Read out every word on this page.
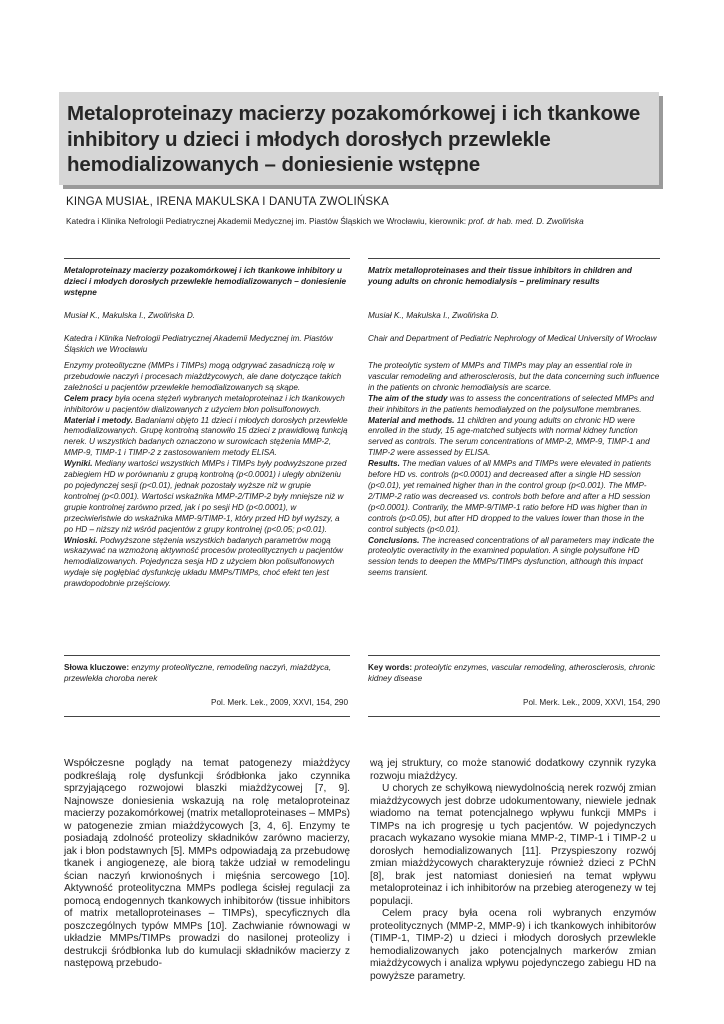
Metaloproteinazy macierzy pozakomórkowej i ich tkankowe inhibitory u dzieci i młodych dorosłych przewlekle hemodializowanych – doniesienie wstępne
KINGA MUSIAŁ, IRENA MAKULSKA I DANUTA ZWOLIŃSKA
Katedra i Klinika Nefrologii Pediatrycznej Akademii Medycznej im. Piastów Śląskich we Wrocławiu, kierownik: prof. dr hab. med. D. Zwolińska
Metaloproteinazy macierzy pozakomórkowej i ich tkankowe inhibitory u dzieci i młodych dorosłych przewlekle hemodializowanych – doniesienie wstępne
Musiał K., Makulska I., Zwolińska D.
Katedra i Klinika Nefrologii Pediatrycznej Akademii Medycznej im. Piastów Śląskich we Wrocławiu
Enzymy proteolityczne (MMPs i TIMPs) mogą odgrywać zasadniczą rolę w przebudowie naczyń i procesach miażdżycowych, ale dane dotyczące takich zależności u pacjentów przewlekle hemodializowanych są skąpe.
Celem pracy była ocena stężeń wybranych metaloproteinaz i ich tkankowych inhibitorów u pacjentów dializowanych z użyciem błon polisulfonowych.
Materiał i metody. Badaniami objęto 11 dzieci i młodych dorosłych przewlekle hemodializowanych. Grupę kontrolną stanowiło 15 dzieci z prawidłową funkcją nerek. U wszystkich badanych oznaczono w surowicach stężenia MMP-2, MMP-9, TIMP-1 i TIMP-2 z zastosowaniem metody ELISA.
Wyniki. Mediany wartości wszystkich MMPs i TIMPs były podwyższone przed zabiegiem HD w porównaniu z grupą kontrolną (p<0.0001) i uległy obniżeniu po pojedynczej sesji (p<0.01), jednak pozostały wyższe niż w grupie kontrolnej (p<0.001). Wartości wskaźnika MMP-2/TIMP-2 były mniejsze niż w grupie kontrolnej zarówno przed, jak i po sesji HD (p<0.0001), w przeciwieństwie do wskaźnika MMP-9/TIMP-1, który przed HD był wyższy, a po HD – niższy niż wśród pacjentów z grupy kontrolnej (p<0.05; p<0.01).
Wnioski. Podwyższone stężenia wszystkich badanych parametrów mogą wskazywać na wzmożoną aktywność procesów proteolitycznych u pacjentów hemodializowanych. Pojedyncza sesja HD z użyciem błon polisulfonowych wydaje się pogłębiać dysfunkcję układu MMPs/TIMPs, choć efekt ten jest prawdopodobnie przejściowy.
Słowa kluczowe: enzymy proteolityczne, remodeling naczyń, miażdżyca, przewlekła choroba nerek
Pol. Merk. Lek., 2009, XXVI, 154, 290
Matrix metalloproteinases and their tissue inhibitors in children and young adults on chronic hemodialysis – preliminary results
Musiał K., Makulska I., Zwolińska D.
Chair and Department of Pediatric Nephrology of Medical University of Wrocław
The proteolytic system of MMPs and TIMPs may play an essential role in vascular remodeling and atherosclerosis, but the data concerning such influence in the patients on chronic hemodialysis are scarce.
The aim of the study was to assess the concentrations of selected MMPs and their inhibitors in the patients hemodialyzed on the polysulfone membranes.
Material and methods. 11 children and young adults on chronic HD were enrolled in the study, 15 age-matched subjects with normal kidney function served as controls. The serum concentrations of MMP-2, MMP-9, TIMP-1 and TIMP-2 were assessed by ELISA.
Results. The median values of all MMPs and TIMPs were elevated in patients before HD vs. controls (p<0.0001) and decreased after a single HD session (p<0.01), yet remained higher than in the control group (p<0.001). The MMP-2/TIMP-2 ratio was decreased vs. controls both before and after a HD session (p<0.0001). Contrarily, the MMP-9/TIMP-1 ratio before HD was higher than in controls (p<0.05), but after HD dropped to the values lower than those in the control subjects (p<0.01).
Conclusions. The increased concentrations of all parameters may indicate the proteolytic overactivity in the examined population. A single polysulfone HD session tends to deepen the MMPs/TIMPs dysfunction, although this impact seems transient.
Key words: proteolytic enzymes, vascular remodeling, atherosclerosis, chronic kidney disease
Pol. Merk. Lek., 2009, XXVI, 154, 290

Współczesne poglądy na temat patogenezy miażdżycy podkreślają rolę dysfunkcji śródbłonka jako czynnika sprzyjającego rozwojowi blaszki miażdżycowej [7, 9]. Najnowsze doniesienia wskazują na rolę metaloproteinaz macierzy pozakomórkowej (matrix metalloproteinases – MMPs) w patogenezie zmian miażdżycowych [3, 4, 6]. Enzymy te posiadają zdolność proteolizy składników zarówno macierzy, jak i błon podstawnych [5]. MMPs odpowiadają za przebudowę tkanek i angiogenezę, ale biorą także udział w remodelingu ścian naczyń krwionośnych i mięśnia sercowego [10]. Aktywność proteolityczna MMPs podlega ścisłej regulacji za pomocą endogennych tkankowych inhibitorów (tissue inhibitors of matrix metalloproteinases – TIMPs), specyficznych dla poszczególnych typów MMPs [10]. Zachwianie równowagi w układzie MMPs/TIMPs prowadzi do nasilonej proteolizy i destrukcji śródbłonka lub do kumulacji składników macierzy z następową przebudo-

wą jej struktury, co może stanowić dodatkowy czynnik ryzyka rozwoju miażdżycy.

U chorych ze schyłkową niewydolnością nerek rozwój zmian miażdżycowych jest dobrze udokumentowany, niewiele jednak wiadomo na temat potencjalnego wpływu funkcji MMPs i TIMPs na ich progresję u tych pacjentów. W pojedynczych pracach wykazano wysokie miana MMP-2, TIMP-1 i TIMP-2 u dorosłych hemodializowanych [11]. Przyspieszony rozwój zmian miażdżycowych charakteryzuje również dzieci z PChN [8], brak jest natomiast doniesień na temat wpływu metaloproteinaz i ich inhibitorów na przebieg aterogenezy w tej populacji.

Celem pracy była ocena roli wybranych enzymów proteolitycznych (MMP-2, MMP-9) i ich tkankowych inhibitorów (TIMP-1, TIMP-2) u dzieci i młodych dorosłych przewlekle hemodializowanych jako potencjalnych markerów zmian miażdżycowych i analiza wpływu pojedynczego zabiegu HD na powyższe parametry.
